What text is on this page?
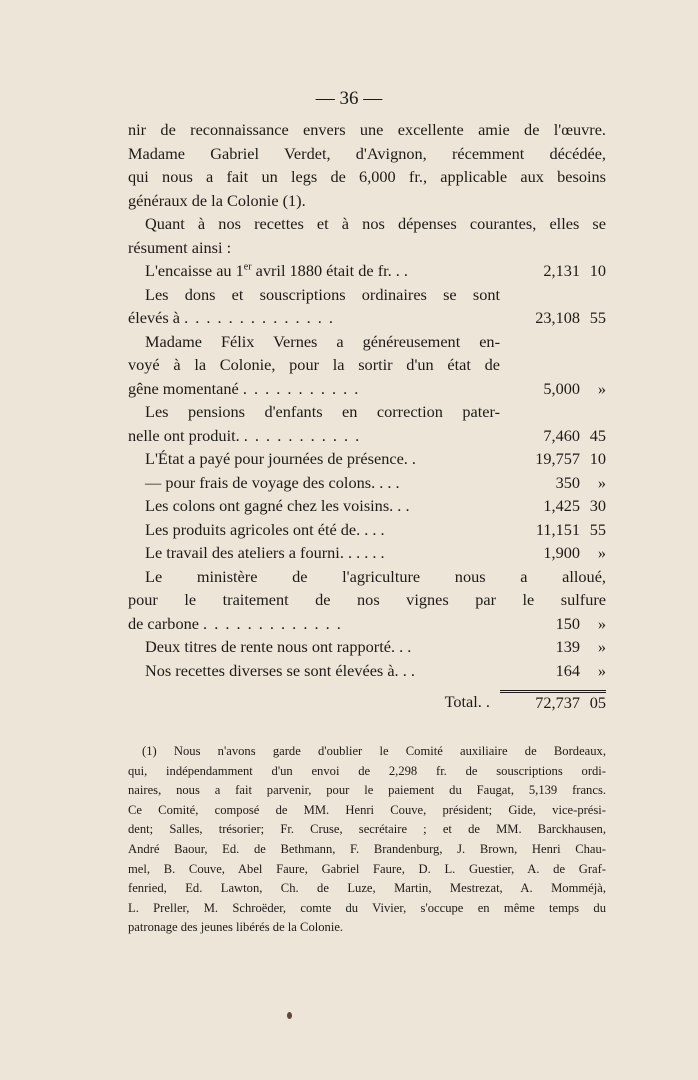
— 36 —
nir de reconnaissance envers une excellente amie de l'œuvre.
Madame Gabriel Verdet, d'Avignon, récemment décédée,
qui nous a fait un legs de 6,000 fr., applicable aux besoins
généraux de la Colonie (1).
Quant à nos recettes et à nos dépenses courantes, elles se
résument ainsi :
L'encaisse au 1er avril 1880 était de fr. . .	2,131 10
Les dons et souscriptions ordinaires se sont
élevés à . . . . . . . . . . . . . .	23,108 55
Madame Félix Vernes a généreusement en-
voyé à la Colonie, pour la sortir d'un état de
gêne momentané . . . . . . . . . . .	5,000	»
Les pensions d'enfants en correction pater-
nelle ont produit. . . . . . . . . . . .	7,460 45
L'État a payé pour journées de présence. .	19,757 10
— pour frais de voyage des colons. . . .	350	»
Les colons ont gagné chez les voisins. . .	1,425 30
Les produits agricoles ont été de. . . .	11,151 55
Le travail des ateliers a fourni. . . . . .	1,900	»
Le ministère de l'agriculture nous a alloué,
pour le traitement de nos vignes par le sulfure
de carbone . . . . . . . . . . . . .	150	»
Deux titres de rente nous ont rapporté. . .	139	»
Nos recettes diverses se sont élevées à. . .	164	»
Total. .	72,737 05
(1) Nous n'avons garde d'oublier le Comité auxiliaire de Bordeaux,
qui, indépendamment d'un envoi de 2,298 fr. de souscriptions ordi-
naires, nous a fait parvenir, pour le paiement du Faugat, 5,139 francs.
Ce Comité, composé de MM. Henri Couve, président; Gide, vice-prési-
dent; Salles, trésorier; Fr. Cruse, secrétaire ; et de MM. Barckhausen,
André Baour, Ed. de Bethmann, F. Brandenburg, J. Brown, Henri Chau-
mel, B. Couve, Abel Faure, Gabriel Faure, D. L. Guestier, A. de Graf-
fenried, Ed. Lawton, Ch. de Luze, Martin, Mestrezat, A. Momméjà,
L. Preller, M. Schroëder, comte du Vivier, s'occupe en même temps du
patronage des jeunes libérés de la Colonie.
